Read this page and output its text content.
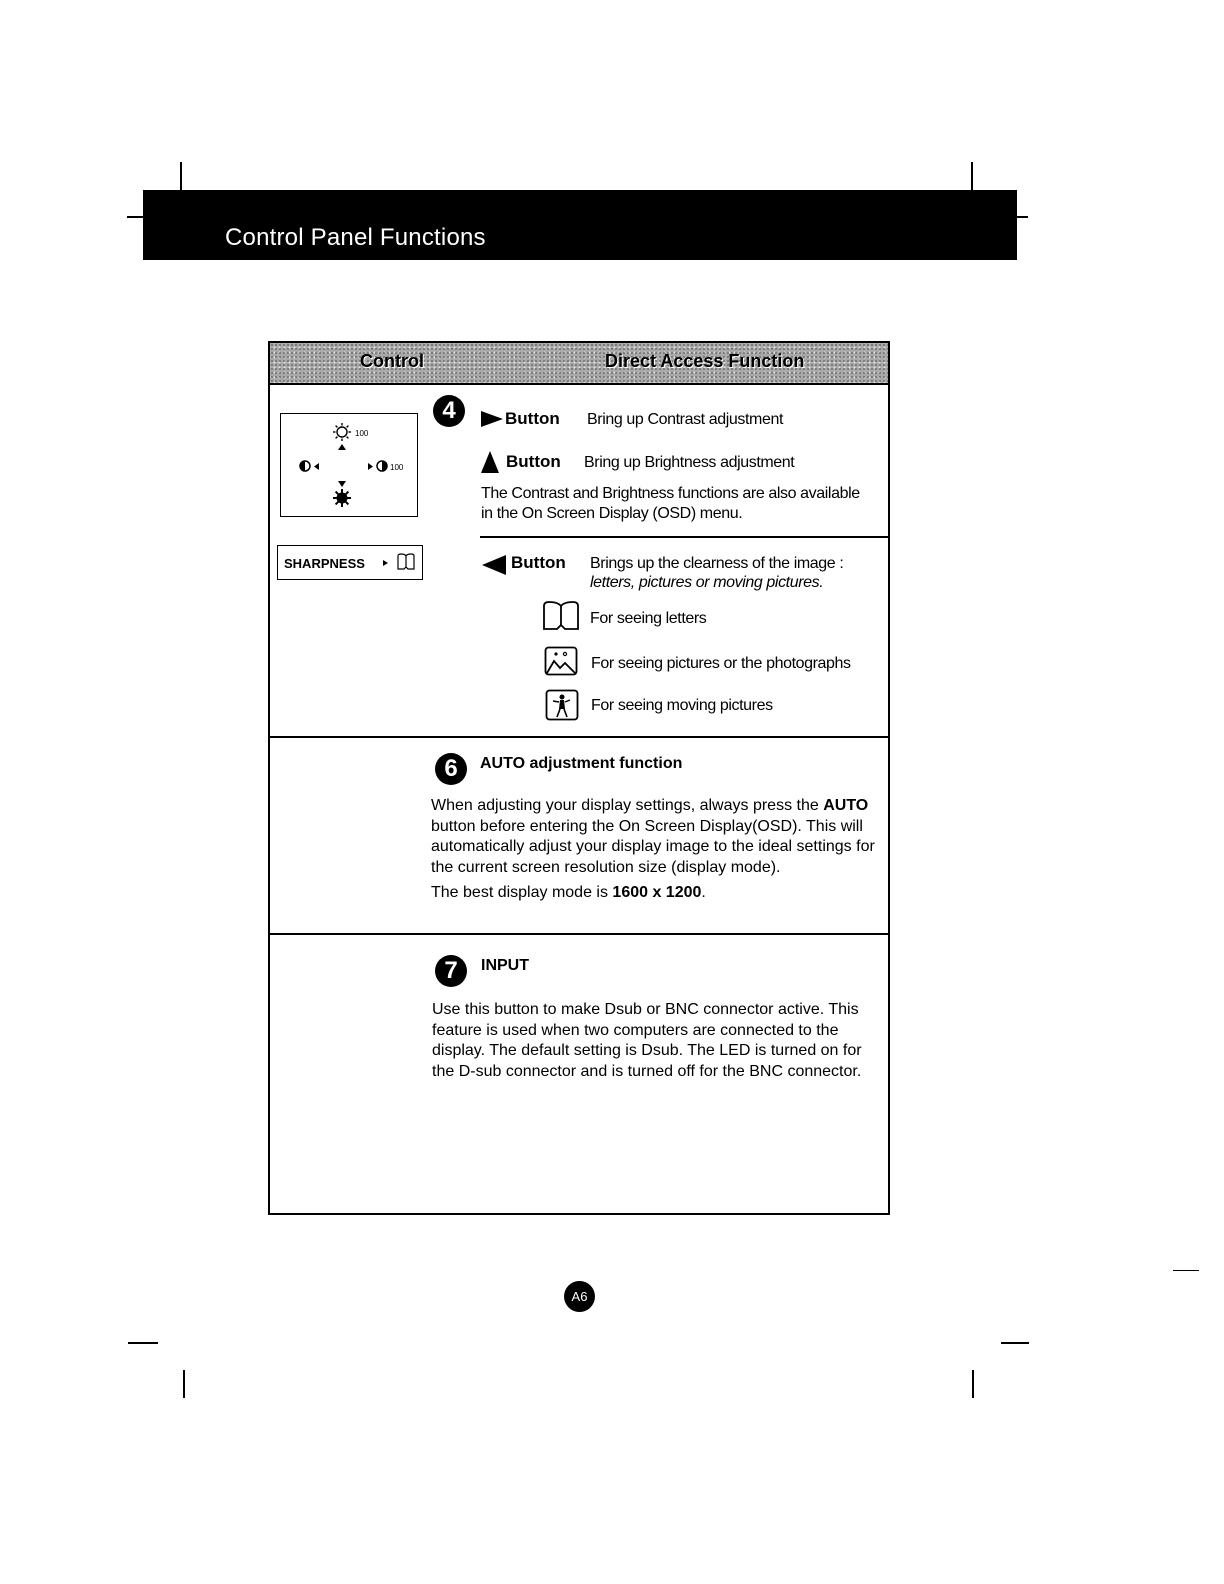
Control Panel Functions
Control	Direct Access Function
100
100
4	Button Bring up Contrast adjustment
Button Bring up Brightness adjustment
The Contrast and Brightness functions are also available
in the On Screen Display (OSD) menu.
SHARPNESS	Button Brings up the clearness of the image :
letters, pictures or moving pictures.
For seeing letters
For seeing pictures or the photographs
For seeing moving pictures
6	AUTO adjustment function
When adjusting your display settings, always press the AUTO
button before entering the On Screen Display(OSD). This will
automatically adjust your display image to the ideal settings for
the current screen resolution size (display mode).
The best display mode is 1600 x 1200.
7	INPUT
Use this button to make Dsub or BNC connector active. This
feature is used when two computers are connected to the
display. The default setting is Dsub. The LED is turned on for
the D-sub connector and is turned off for the BNC connector.
A6
